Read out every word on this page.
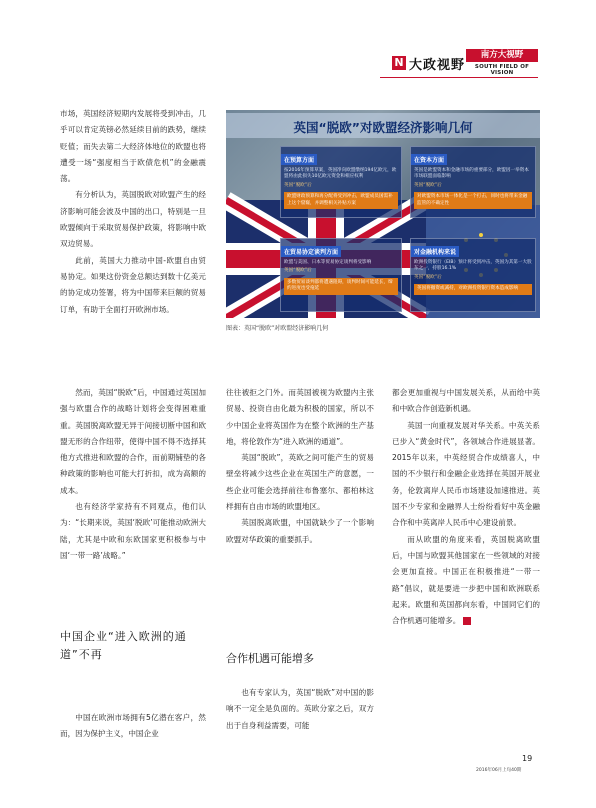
N 大政视野
南方大视野
SOUTH FIELD OF VISION
英国“脱欧”对欧盟经济影响几何
在预算方面
按2016年预算草案，英国净向欧盟缴纳194亿欧元，欧盟将由此损失10亿欧元资金和相应权利
英国“脱欧”后
欧盟财政预算和再分配将受到冲击，欧盟成员国需补上这个窟窿，并调整相关补贴方案
在资本方面
英国是欧盟资本和金融市场的重要部分，欧盟因一举资本市场联盟面临影响
英国“脱欧”后
对欧盟资本市场一体化是一个打击，同时也将带来金融监管的不确定性
在贸易协定谈判方面
欧盟与美国、日本等贸易协定谈判将受影响
英国“脱欧”后
多数贸易谈判都将遭遇阻碍，谈判时间可能延长，缔约进度也受拖延
对金融机构来说
欧洲投资银行（EIB）预计将受到冲击，英国为其第一大股东之一，持股16.1%
英国“脱欧”后
英国将撤资或减持，对欧洲投资银行资本造成影响
图表：英国“脱欧”对欧盟经济影响几何

市场，英国经济短期内发展将受到冲击，几乎可以肯定英镑必然延续目前的跌势，继续贬值；而失去第二大经济体地位的欧盟也将遭受一场“强度相当于欧债危机”的金融震荡。

有分析认为，英国脱欧对欧盟产生的经济影响可能会波及中国的出口，特别是一旦欧盟倾向于采取贸易保护政策，将影响中欧双边贸易。

此前，英国大力推动中国-欧盟自由贸易协定。如果这份资金总额达到数十亿美元的协定成功签署，将为中国带来巨额的贸易订单，有助于全面打开欧洲市场。

然而，英国“脱欧”后，中国通过英国加强与欧盟合作的战略计划将会变得困难重重。英国脱离欧盟无异于间接切断中国和欧盟无形的合作纽带，使得中国不得不选择其他方式推进和欧盟的合作，而前期铺垫的各种政策的影响也可能大打折扣，成为高额的成本。

也有经济学家持有不同观点，他们认为：“长期来说，英国‘脱欧’可能推动欧洲大陆，尤其是中欧和东欧国家更积极参与中国‘一带一路’战略。”

中国企业“进入欧洲的通道”不再

中国在欧洲市场拥有5亿潜在客户，然而，因为保护主义，中国企业

往往被拒之门外。而英国被视为欧盟内主张贸易、投资自由化最为积极的国家，所以不少中国企业将英国作为在整个欧洲的生产基地，将伦敦作为“进入欧洲的通道”。

英国“脱欧”，英欧之间可能产生的贸易壁垒将减少这些企业在英国生产的意愿，一些企业可能会选择前往布鲁塞尔、都柏林这样拥有自由市场的欧盟地区。

英国脱离欧盟，中国就缺少了一个影响欧盟对华政策的重要抓手。

合作机遇可能增多

也有专家认为，英国“脱欧”对中国的影响不一定全是负面的。英欧分家之后，双方出于自身利益需要，可能

都会更加重视与中国发展关系，从而给中英和中欧合作创造新机遇。

英国一向重视发展对华关系。中英关系已步入“黄金时代”，各领域合作进展显著。2015年以来，中英经贸合作成绩喜人，中国的不少银行和金融企业选择在英国开展业务，伦敦离岸人民币市场建设加速推进。英国不少专家和金融界人士纷纷看好中英金融合作和中英离岸人民币中心建设前景。

而从欧盟的角度来看，英国脱离欧盟后，中国与欧盟其他国家在一些领域的对接会更加直接。中国正在积极推进“一带一路”倡议，就是要进一步把中国和欧洲联系起来。欧盟和英国都向东看，中国同它们的合作机遇可能增多。	N

19
2016年06月上旬40期
